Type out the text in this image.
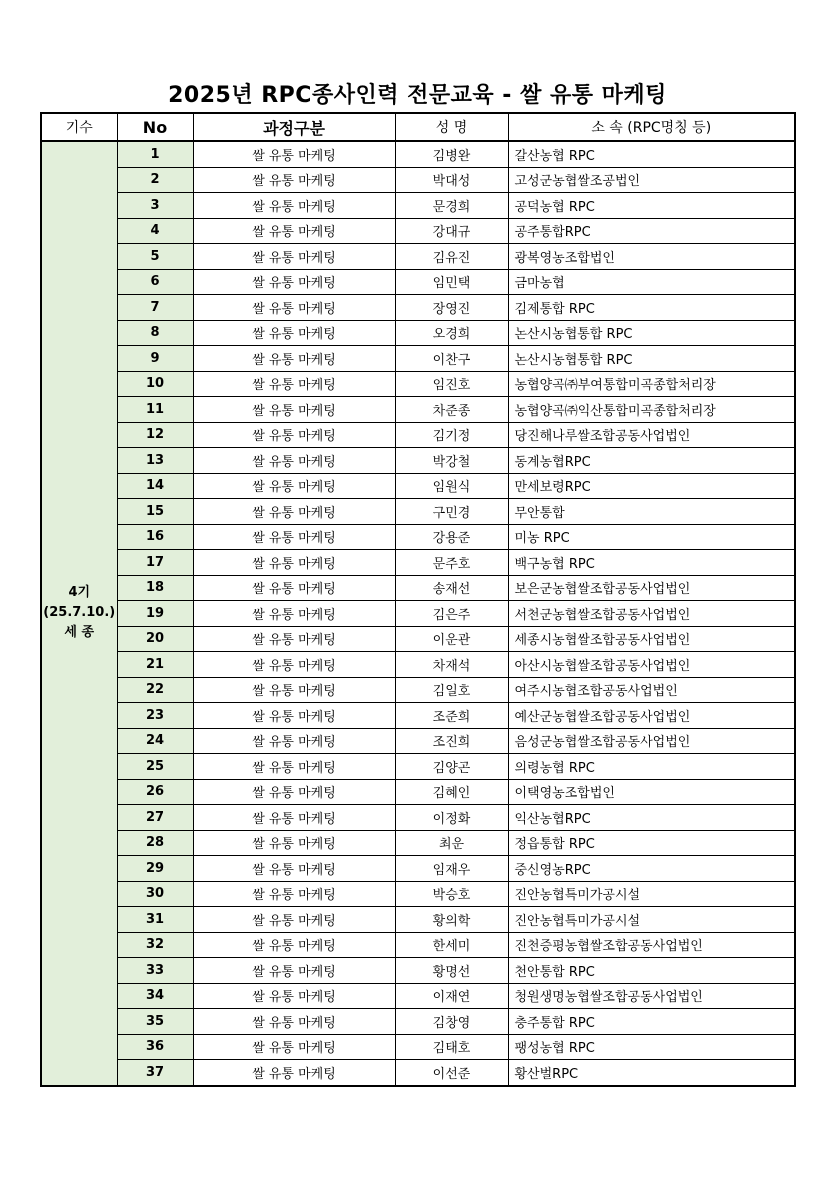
2025년 RPC종사인력 전문교육 - 쌀 유통 마케팅
기수	No	과정구분	성 명	소 속 (RPC명칭 등)

4기
(25.7.10.)
세 종	1	쌀 유통 마케팅	김병완	갈산농협 RPC
	2	쌀 유통 마케팅	박대성	고성군농협쌀조공법인
	3	쌀 유통 마케팅	문경희	공덕농협 RPC
	4	쌀 유통 마케팅	강대규	공주통합RPC
	5	쌀 유통 마케팅	김유진	광복영농조합법인
	6	쌀 유통 마케팅	임민택	금마농협
	7	쌀 유통 마케팅	장영진	김제통합 RPC
	8	쌀 유통 마케팅	오경희	논산시농협통합 RPC
	9	쌀 유통 마케팅	이찬구	논산시농협통합 RPC
	10	쌀 유통 마케팅	임진호	농협양곡㈜부여통합미곡종합처리장
	11	쌀 유통 마케팅	차준종	농협양곡㈜익산통합미곡종합처리장
	12	쌀 유통 마케팅	김기정	당진해나루쌀조합공동사업법인
	13	쌀 유통 마케팅	박강철	동계농협RPC
	14	쌀 유통 마케팅	임원식	만세보령RPC
	15	쌀 유통 마케팅	구민경	무안통합
	16	쌀 유통 마케팅	강용준	미농 RPC
	17	쌀 유통 마케팅	문주호	백구농협 RPC
	18	쌀 유통 마케팅	송재선	보은군농협쌀조합공동사업법인
	19	쌀 유통 마케팅	김은주	서천군농협쌀조합공동사업법인
	20	쌀 유통 마케팅	이운관	세종시농협쌀조합공동사업법인
	21	쌀 유통 마케팅	차재석	아산시농협쌀조합공동사업법인
	22	쌀 유통 마케팅	김일호	여주시농협조합공동사업법인
	23	쌀 유통 마케팅	조준희	예산군농협쌀조합공동사업법인
	24	쌀 유통 마케팅	조진희	음성군농협쌀조합공동사업법인
	25	쌀 유통 마케팅	김양곤	의령농협 RPC
	26	쌀 유통 마케팅	김혜인	이택영농조합법인
	27	쌀 유통 마케팅	이정화	익산농협RPC
	28	쌀 유통 마케팅	최운	정읍통합 RPC
	29	쌀 유통 마케팅	임재우	중신영농RPC
	30	쌀 유통 마케팅	박승호	진안농협특미가공시설
	31	쌀 유통 마케팅	황의학	진안농협특미가공시설
	32	쌀 유통 마케팅	한세미	진천증평농협쌀조합공동사업법인
	33	쌀 유통 마케팅	황명선	천안통합 RPC
	34	쌀 유통 마케팅	이재연	청원생명농협쌀조합공동사업법인
	35	쌀 유통 마케팅	김창영	충주통합 RPC
	36	쌀 유통 마케팅	김태호	팽성농협 RPC
	37	쌀 유통 마케팅	이선준	황산벌RPC
